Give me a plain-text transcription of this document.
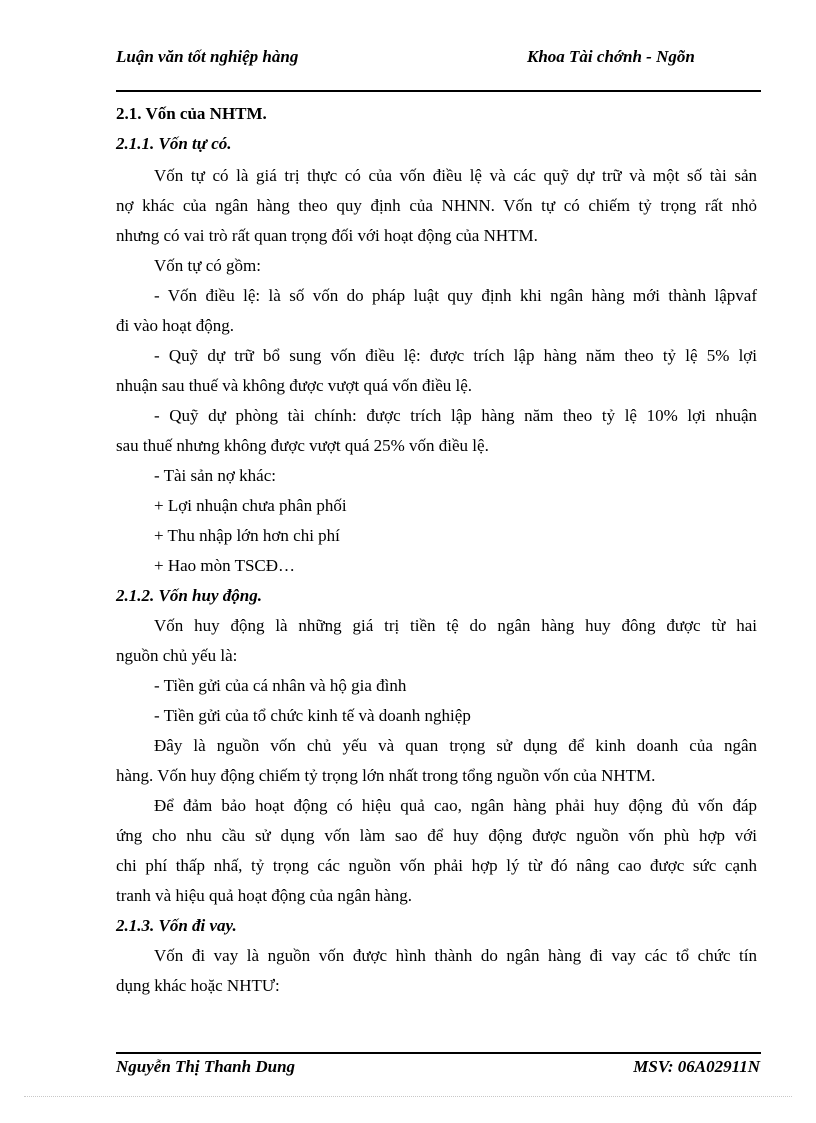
Luận văn tốt nghiệp hàng	Khoa Tài chớnh - Ngõn
2.1. Vốn của NHTM.
2.1.1. Vốn tự có.
Vốn tự có là giá trị thực có của vốn điều lệ và các quỹ dự trữ và một số tài sản
nợ khác của ngân hàng theo quy định của NHNN. Vốn tự có chiếm tỷ trọng rất nhỏ
nhưng có vai trò rất quan trọng đối với hoạt động của NHTM.
Vốn tự có gồm:
- Vốn điều lệ: là số vốn do pháp luật quy định khi ngân hàng mới thành lậpvaf
đi vào hoạt động.
- Quỹ dự trữ bổ sung vốn điều lệ: được trích lập hàng năm theo tỷ lệ 5% lợi
nhuận sau thuế và không được vượt quá vốn điều lệ.
- Quỹ dự phòng tài chính: được trích lập hàng năm theo tỷ lệ 10% lợi nhuận
sau thuế nhưng không được vượt quá 25% vốn điều lệ.
- Tài sản nợ khác:
+ Lợi nhuận chưa phân phối
+ Thu nhập lớn hơn chi phí
+ Hao mòn TSCĐ…
2.1.2. Vốn huy động.
Vốn huy động là những giá trị tiền tệ do ngân hàng huy đông được từ hai
nguồn chủ yếu là:
- Tiền gửi của cá nhân và hộ gia đình
- Tiền gửi của tổ chức kinh tế và doanh nghiệp
Đây là nguồn vốn chủ yếu và quan trọng sử dụng để kinh doanh của ngân
hàng. Vốn huy động chiếm tỷ trọng lớn nhất trong tổng nguồn vốn của NHTM.
Để đảm bảo hoạt động có hiệu quả cao, ngân hàng phải huy động đủ vốn đáp
ứng cho nhu cầu sử dụng vốn làm sao để huy động được nguồn vốn phù hợp với
chi phí thấp nhấ, tỷ trọng các nguồn vốn phải hợp lý từ đó nâng cao được sức cạnh
tranh và hiệu quả hoạt động của ngân hàng.
2.1.3. Vốn đi vay.
Vốn đi vay là nguồn vốn được hình thành do ngân hàng đi vay các tổ chức tín
dụng khác hoặc NHTƯ:
Nguyễn Thị Thanh Dung	MSV: 06A02911N
